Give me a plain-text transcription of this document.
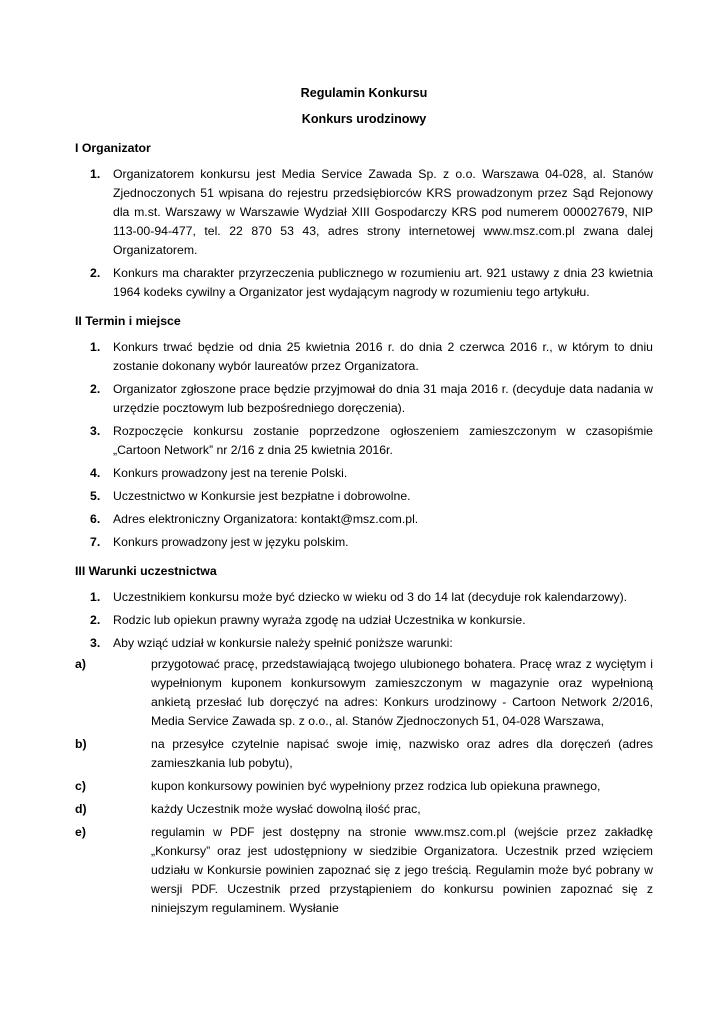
Regulamin Konkursu
Konkurs urodzinowy
I Organizator
1. Organizatorem konkursu jest Media Service Zawada Sp. z o.o. Warszawa 04-028, al. Stanów Zjednoczonych 51 wpisana do rejestru przedsiębiorców KRS prowadzonym przez Sąd Rejonowy dla m.st. Warszawy w Warszawie Wydział XIII Gospodarczy KRS pod numerem 000027679, NIP 113-00-94-477, tel. 22 870 53 43, adres strony internetowej www.msz.com.pl zwana dalej Organizatorem.
2. Konkurs ma charakter przyrzeczenia publicznego w rozumieniu art. 921 ustawy z dnia 23 kwietnia 1964 kodeks cywilny a Organizator jest wydającym nagrody w rozumieniu tego artykułu.
II Termin i miejsce
1. Konkurs trwać będzie od dnia 25 kwietnia 2016 r. do dnia 2 czerwca 2016 r., w którym to dniu zostanie dokonany wybór laureatów przez Organizatora.
2. Organizator zgłoszone prace będzie przyjmował do dnia 31 maja 2016 r. (decyduje data nadania w urzędzie pocztowym lub bezpośredniego doręczenia).
3. Rozpoczęcie konkursu zostanie poprzedzone ogłoszeniem zamieszczonym w czasopiśmie „Cartoon Network” nr 2/16 z dnia 25 kwietnia 2016r.
4. Konkurs prowadzony jest na terenie Polski.
5. Uczestnictwo w Konkursie jest bezpłatne i dobrowolne.
6. Adres elektroniczny Organizatora: kontakt@msz.com.pl.
7. Konkurs prowadzony jest w języku polskim.
III Warunki uczestnictwa
1. Uczestnikiem konkursu może być dziecko w wieku od 3 do 14 lat (decyduje rok kalendarzowy).
2. Rodzic lub opiekun prawny wyraża zgodę na udział Uczestnika w konkursie.
3. Aby wziąć udział w konkursie należy spełnić poniższe warunki:
a)	przygotować pracę, przedstawiającą twojego ulubionego bohatera. Pracę wraz z wyciętym i wypełnionym kuponem konkursowym zamieszczonym w magazynie oraz wypełnioną ankietą przesłać lub doręczyć na adres: Konkurs urodzinowy - Cartoon Network 2/2016, Media Service Zawada sp. z o.o., al. Stanów Zjednoczonych 51, 04-028 Warszawa,
b)	na przesyłce czytelnie napisać swoje imię, nazwisko oraz adres dla doręczeń (adres zamieszkania lub pobytu),
c)	kupon konkursowy powinien być wypełniony przez rodzica lub opiekuna prawnego,
d)	każdy Uczestnik może wysłać dowolną ilość prac,
e)	regulamin w PDF jest dostępny na stronie www.msz.com.pl (wejście przez zakładkę „Konkursy” oraz jest udostępniony w siedzibie Organizatora. Uczestnik przed wzięciem udziału w Konkursie powinien zapoznać się z jego treścią. Regulamin może być pobrany w wersji PDF. Uczestnik przed przystąpieniem do konkursu powinien zapoznać się z niniejszym regulaminem. Wysłanie
